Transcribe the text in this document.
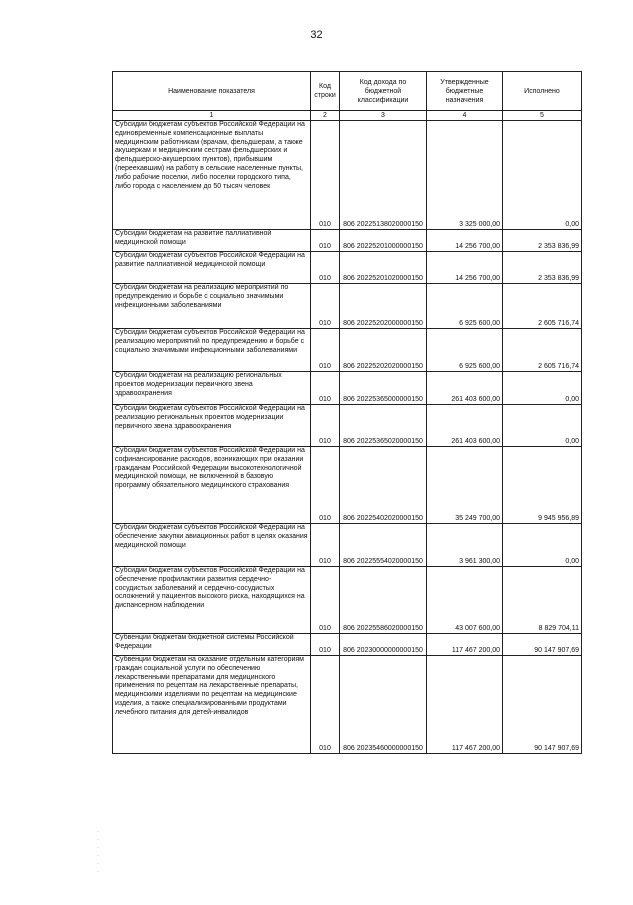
32
Наименование показателя	Код строки	Код дохода по бюджетной классификации	Утвержденные бюджетные назначения	Исполнено
1	2	3	4	5
Субсидии бюджетам субъектов Российской Федерации на единовременные компенсационные выплаты медицинским работникам (врачам, фельдшерам, а также акушеркам и медицинским сестрам фельдшерских и фельдшерско-акушерских пунктов), прибывшим (переехавшим) на работу в сельские населенные пункты, либо рабочие поселки, либо поселки городского типа, либо города с населением до 50 тысяч человек	010	806 20225138020000150	3 325 000,00	0,00
Субсидии бюджетам на развитие паллиативной медицинской помощи	010	806 20225201000000150	14 256 700,00	2 353 836,99
Субсидии бюджетам субъектов Российской Федерации на развитие паллиативной медицинской помощи	010	806 20225201020000150	14 256 700,00	2 353 836,99
Субсидии бюджетам на реализацию мероприятий по предупреждению и борьбе с социально значимыми инфекционными заболеваниями	010	806 20225202000000150	6 925 600,00	2 605 716,74
Субсидии бюджетам субъектов Российской Федерации на реализацию мероприятий по предупреждению и борьбе с социально значимыми инфекционными заболеваниями	010	806 20225202020000150	6 925 600,00	2 605 716,74
Субсидии бюджетам на реализацию региональных проектов модернизации первичного звена здравоохранения	010	806 20225365000000150	261 403 600,00	0,00
Субсидии бюджетам субъектов Российской Федерации на реализацию региональных проектов модернизации первичного звена здравоохранения	010	806 20225365020000150	261 403 600,00	0,00
Субсидии бюджетам субъектов Российской Федерации на софинансирование расходов, возникающих при оказании гражданам Российской Федерации высокотехнологичной медицинской помощи, не включенной в базовую программу обязательного медицинского страхования	010	806 20225402020000150	35 249 700,00	9 945 956,89
Субсидии бюджетам субъектов Российской Федерации на обеспечение закупки авиационных работ в целях оказания медицинской помощи	010	806 20225554020000150	3 961 300,00	0,00
Субсидии бюджетам субъектов Российской Федерации на обеспечение профилактики развития сердечно-сосудистых заболеваний и сердечно-сосудистых осложнений у пациентов высокого риска, находящихся на диспансерном наблюдении	010	806 20225586020000150	43 007 600,00	8 829 704,11
Субвенции бюджетам бюджетной системы Российской Федерации	010	806 20230000000000150	117 467 200,00	90 147 907,69
Субвенции бюджетам на оказание отдельным категориям граждан социальной услуги по обеспечению лекарственными препаратами для медицинского применения по рецептам на лекарственные препараты, медицинскими изделиями по рецептам на медицинские изделия, а также специализированными продуктами лечебного питания для детей-инвалидов	010	806 20235460000000150	117 467 200,00	90 147 907,69
·
·
·
·
·
·
